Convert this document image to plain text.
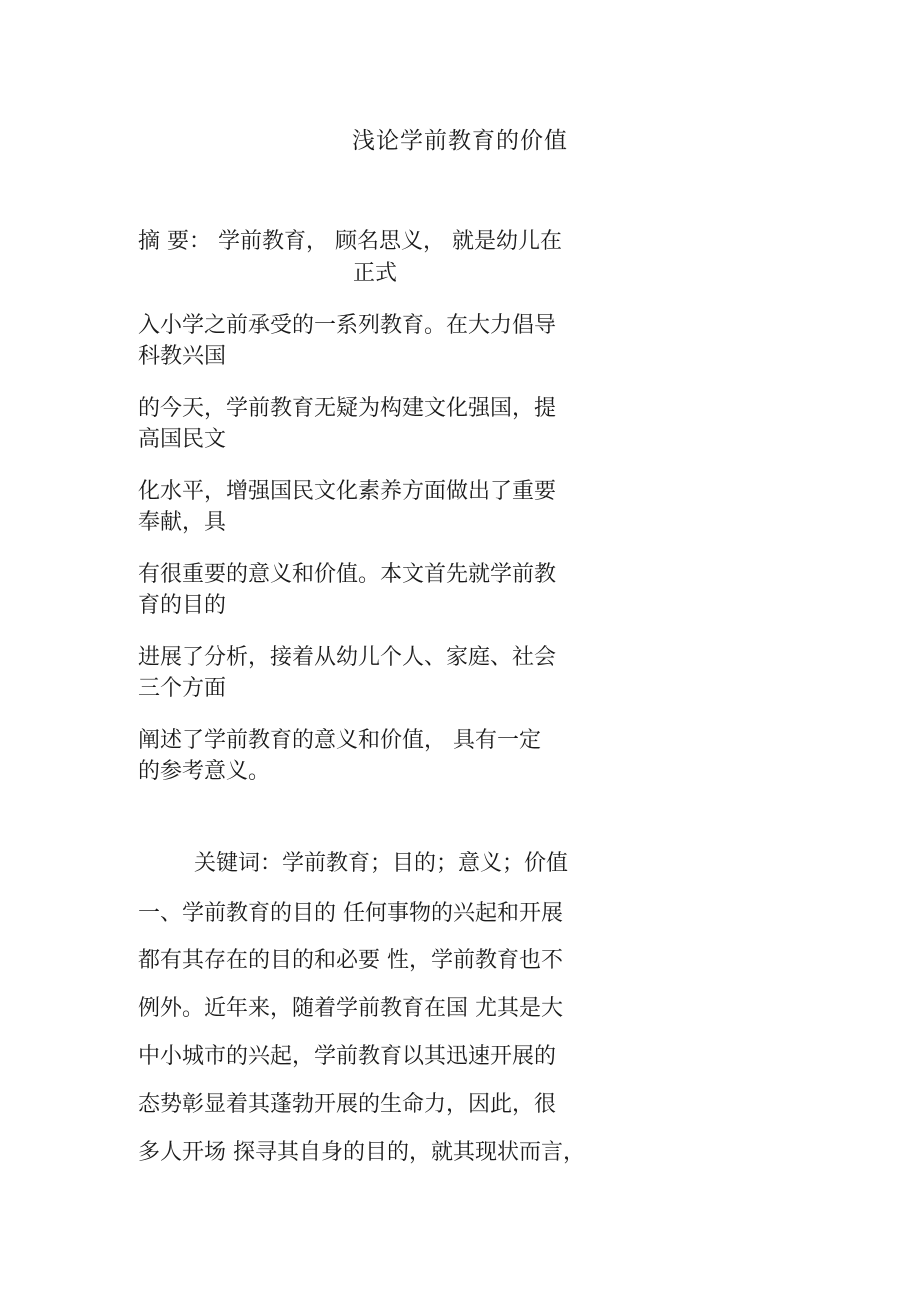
浅论学前教育的价值

摘 要： 学前教育， 顾名思义， 就是幼儿在

正式

入小学之前承受的一系列教育。在大力倡导

科教兴国

的今天，学前教育无疑为构建文化强国，提

高国民文

化水平，增强国民文化素养方面做出了重要

奉献，具

有很重要的意义和价值。本文首先就学前教

育的目的

进展了分析，接着从幼儿个人、家庭、社会

三个方面

阐述了学前教育的意义和价值， 具有一定

的参考意义。

关键词：学前教育；目的；意义；价值

一、学前教育的目的 任何事物的兴起和开展

都有其存在的目的和必要 性，学前教育也不

例外。近年来，随着学前教育在国 尤其是大

中小城市的兴起，学前教育以其迅速开展的

态势彰显着其蓬勃开展的生命力，因此，很

多人开场 探寻其自身的目的，就其现状而言，
